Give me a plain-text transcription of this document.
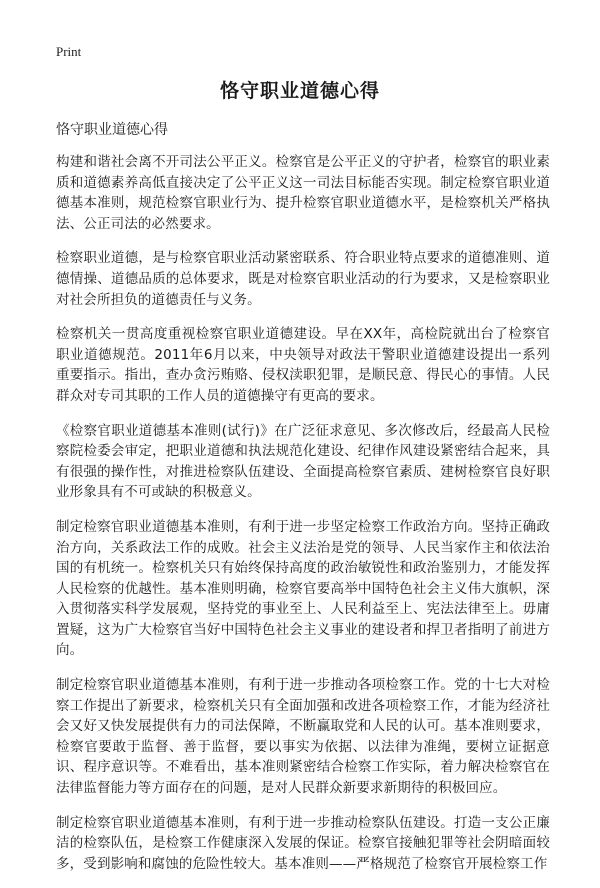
Print
恪守职业道德心得

恪守职业道德心得

构建和谐社会离不开司法公平正义。检察官是公平正义的守护者，检察官的职业素质和道德素养高低直接决定了公平正义这一司法目标能否实现。制定检察官职业道德基本准则，规范检察官职业行为、提升检察官职业道德水平，是检察机关严格执法、公正司法的必然要求。

检察职业道德，是与检察官职业活动紧密联系、符合职业特点要求的道德准则、道德情操、道德品质的总体要求，既是对检察官职业活动的行为要求，又是检察职业对社会所担负的道德责任与义务。

检察机关一贯高度重视检察官职业道德建设。早在XX年，高检院就出台了检察官职业道德规范。2011年6月以来，中央领导对政法干警职业道德建设提出一系列重要指示。指出，查办贪污贿赂、侵权渎职犯罪，是顺民意、得民心的事情。人民群众对专司其职的工作人员的道德操守有更高的要求。

《检察官职业道德基本准则(试行)》在广泛征求意见、多次修改后，经最高人民检察院检委会审定，把职业道德和执法规范化建设、纪律作风建设紧密结合起来，具有很强的操作性，对推进检察队伍建设、全面提高检察官素质、建树检察官良好职业形象具有不可或缺的积极意义。

制定检察官职业道德基本准则，有利于进一步坚定检察工作政治方向。坚持正确政治方向，关系政法工作的成败。社会主义法治是党的领导、人民当家作主和依法治国的有机统一。检察机关只有始终保持高度的政治敏锐性和政治鉴别力，才能发挥人民检察的优越性。基本准则明确，检察官要高举中国特色社会主义伟大旗帜，深入贯彻落实科学发展观，坚持党的事业至上、人民利益至上、宪法法律至上。毋庸置疑，这为广大检察官当好中国特色社会主义事业的建设者和捍卫者指明了前进方向。

制定检察官职业道德基本准则，有利于进一步推动各项检察工作。党的十七大对检察工作提出了新要求，检察机关只有全面加强和改进各项检察工作，才能为经济社会又好又快发展提供有力的司法保障，不断赢取党和人民的认可。基本准则要求，检察官要敢于监督、善于监督，要以事实为依据、以法律为准绳，要树立证据意识、程序意识等。不难看出，基本准则紧密结合检察工作实际，着力解决检察官在法律监督能力等方面存在的问题，是对人民群众新要求新期待的积极回应。

制定检察官职业道德基本准则，有利于进一步推动检察队伍建设。打造一支公正廉洁的检察队伍，是检察工作健康深入发展的保证。检察官接触犯罪等社会阴暗面较多，受到影响和腐蚀的危险性较大。基本准则——严格规范了检察官开展检察工作
